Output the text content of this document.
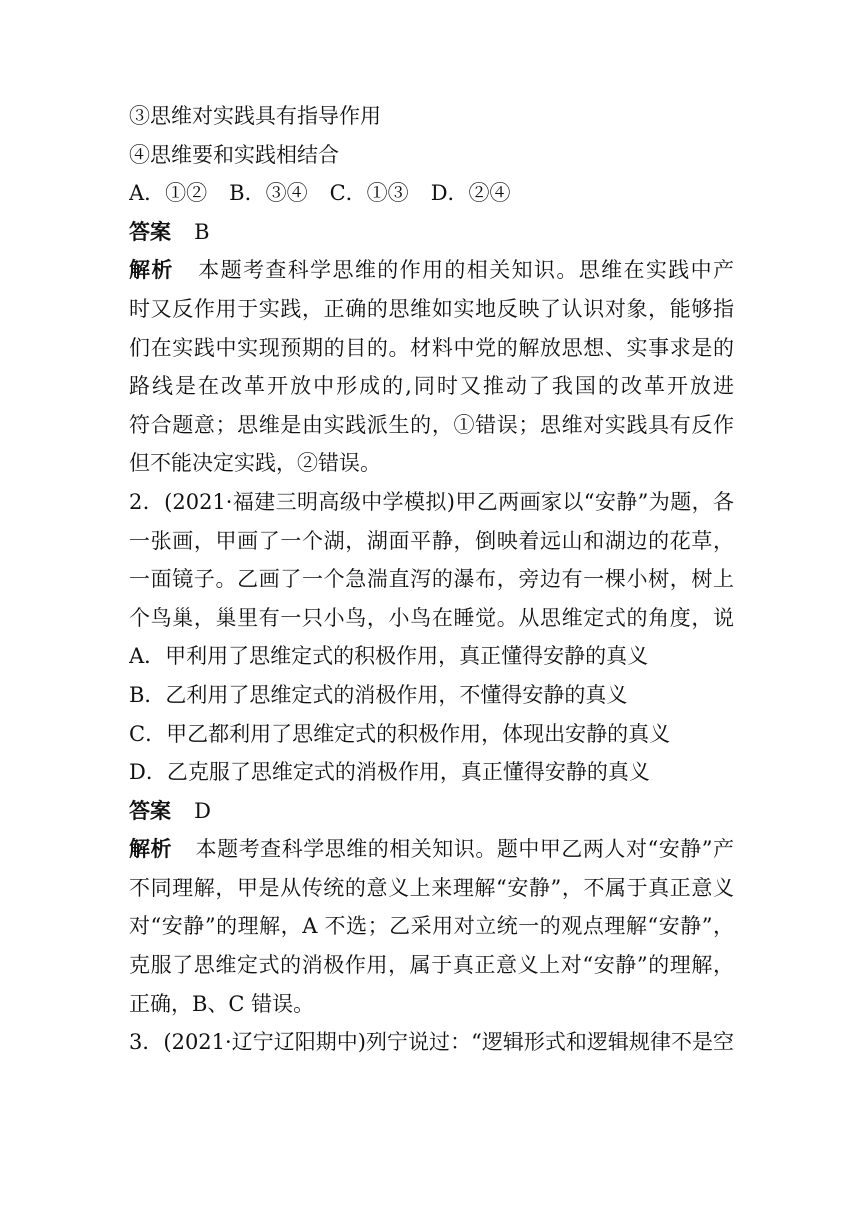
③思维对实践具有指导作用
④思维要和实践相结合
A．①② B．③④ C．①③ D．②④
答案 B
解析 本题考查科学思维的作用的相关知识。思维在实践中产
时又反作用于实践，正确的思维如实地反映了认识对象，能够指
们在实践中实现预期的目的。材料中党的解放思想、实事求是的
路线是在改革开放中形成的,同时又推动了我国的改革开放进
符合题意；思维是由实践派生的，①错误；思维对实践具有反作
但不能决定实践，②错误。
2．(2021·福建三明高级中学模拟)甲乙两画家以“安静”为题，各
一张画，甲画了一个湖，湖面平静，倒映着远山和湖边的花草，
一面镜子。乙画了一个急湍直泻的瀑布，旁边有一棵小树，树上
个鸟巢，巢里有一只小鸟，小鸟在睡觉。从思维定式的角度，说　　
A．甲利用了思维定式的积极作用，真正懂得安静的真义
B．乙利用了思维定式的消极作用，不懂得安静的真义
C．甲乙都利用了思维定式的积极作用，体现出安静的真义
D．乙克服了思维定式的消极作用，真正懂得安静的真义
答案 D
解析 本题考查科学思维的相关知识。题中甲乙两人对“安静”产
不同理解，甲是从传统的意义上来理解“安静”，不属于真正意义
对“安静”的理解，A 不选；乙采用对立统一的观点理解“安静”，
克服了思维定式的消极作用，属于真正意义上对“安静”的理解，
正确，B、C 错误。
3．(2021·辽宁辽阳期中)列宁说过：“逻辑形式和逻辑规律不是空
